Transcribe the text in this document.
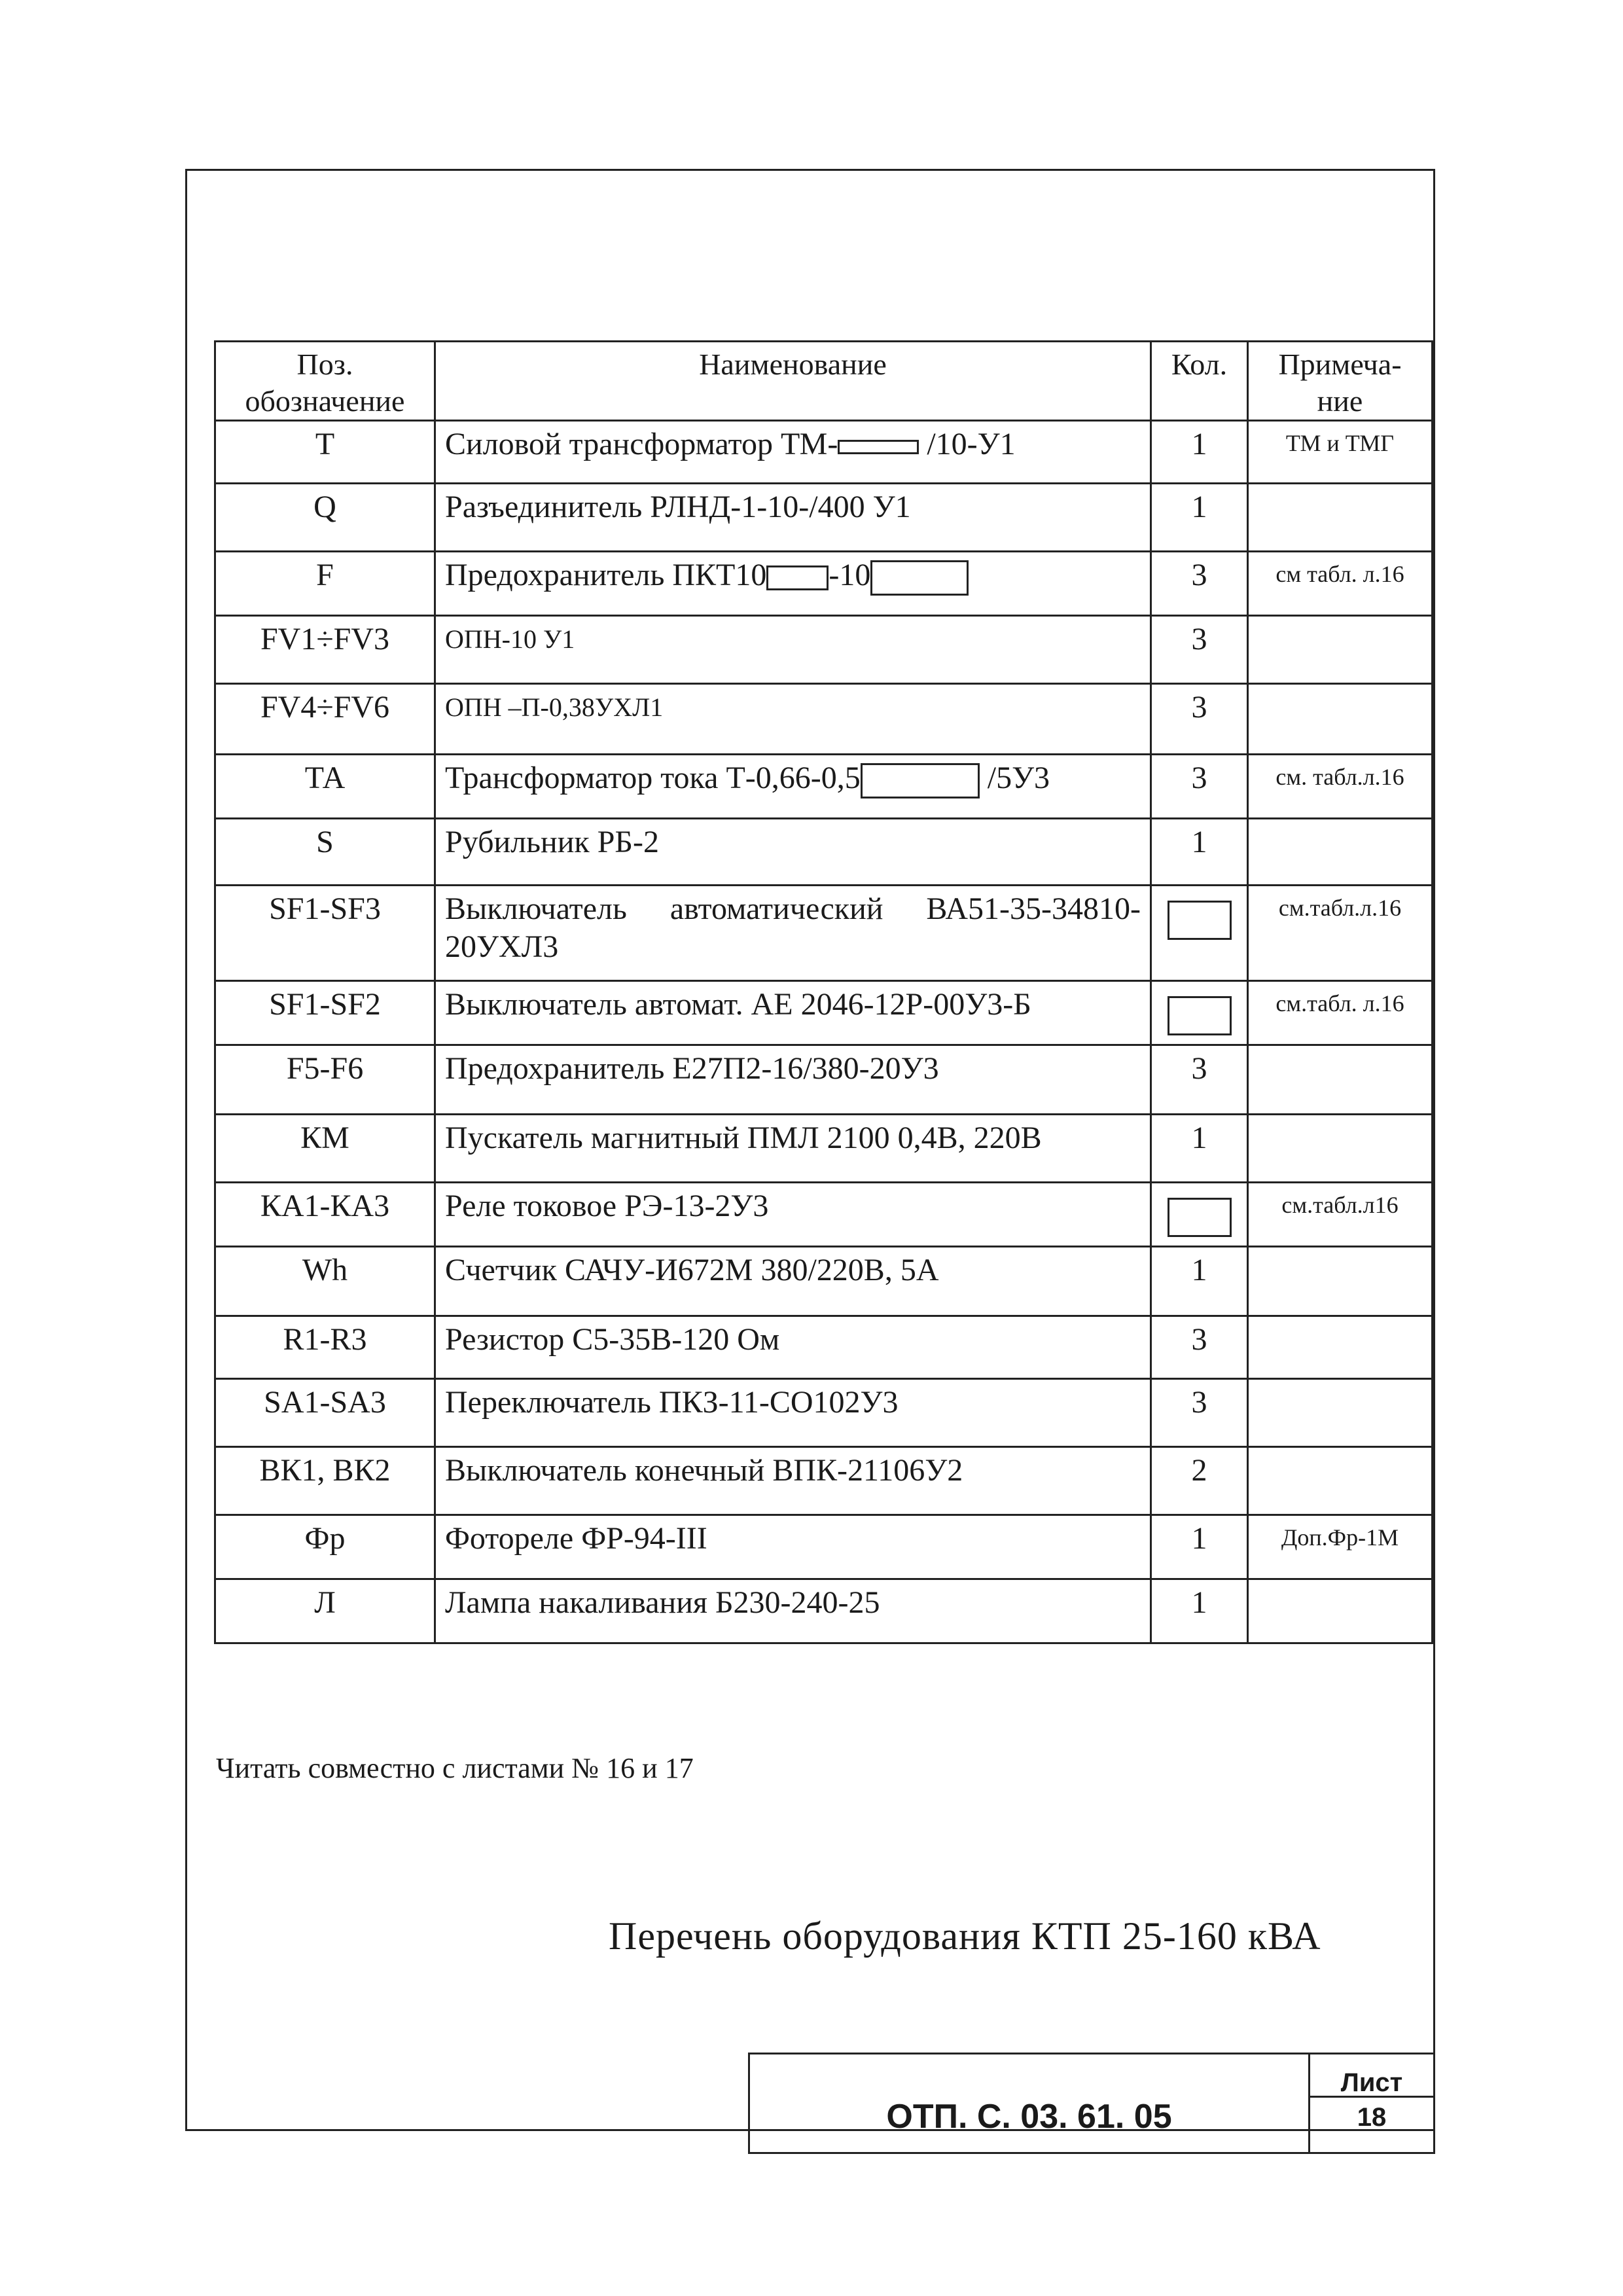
Поз. обозначение	Наименование	Кол.	Примеча-ние
Т	Силовой трансформатор ТМ- /10-У1	1	ТМ и ТМГ
Q	Разъединитель РЛНД-1-10-/400 У1	1	
F	Предохранитель ПКТ10 -10	3	см табл. л.16
FV1÷FV3	ОПН-10 У1	3	
FV4÷FV6	ОПН –П-0,38УХЛ1	3	
ТА	Трансформатор тока Т-0,66-0,5 /5У3	3	см. табл.л.16
S	Рубильник РБ-2	1	
SF1-SF3	Выключатель автоматический ВА51-35-34810-20УХЛ3		см.табл.л.16
SF1-SF2	Выключатель автомат. АЕ 2046-12Р-00У3-Б		см.табл. л.16
F5-F6	Предохранитель Е27П2-16/380-20У3	3	
КМ	Пускатель магнитный ПМЛ 2100 0,4В, 220В	1	
КА1-КА3	Реле токовое РЭ-13-2У3		см.табл.л16
Wh	Счетчик САЧУ-И672М 380/220В, 5А	1	
R1-R3	Резистор С5-35В-120 Ом	3	
SA1-SA3	Переключатель ПКЗ-11-СО102У3	3	
ВК1, ВК2	Выключатель конечный ВПК-21106У2	2	
Фр	Фотореле ФР-94-III	1	Доп.Фр-1М
Л	Лампа накаливания Б230-240-25	1	
Читать совместно с листами № 16 и 17
Перечень оборудования КТП 25-160 кВА
ОТП. С. 03. 61. 05
Лист
18
